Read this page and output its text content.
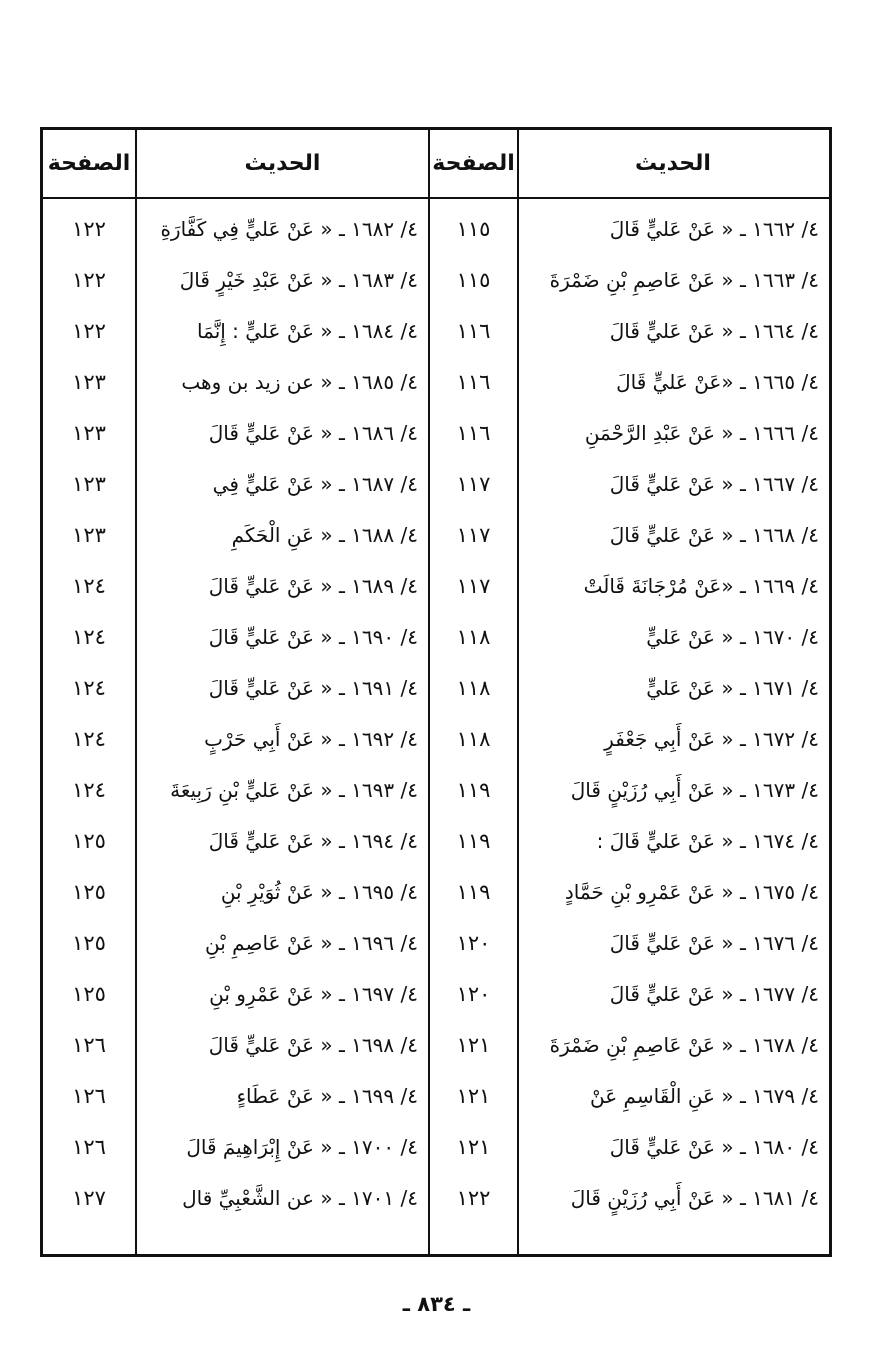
الحديث
الصفحة
الحديث
الصفحة
٤/ ١٦٦٢ ـ « عَنْ عَليٍّ قَالَ
١١٥
٤/ ١٦٦٣ ـ « عَنْ عَاصِمِ بْنِ ضَمْرَةَ
١١٥
٤/ ١٦٦٤ ـ « عَنْ عَليٍّ قَالَ
١١٦
٤/ ١٦٦٥ ـ «عَنْ عَليٍّ قَالَ
١١٦
٤/ ١٦٦٦ ـ « عَنْ عَبْدِ الرَّحْمَنِ
١١٦
٤/ ١٦٦٧ ـ « عَنْ عَليٍّ قَالَ
١١٧
٤/ ١٦٦٨ ـ « عَنْ عَليٍّ قَالَ
١١٧
٤/ ١٦٦٩ ـ «عَنْ مُرْجَانَةَ قَالَتْ
١١٧
٤/ ١٦٧٠ ـ « عَنْ عَليٍّ
١١٨
٤/ ١٦٧١ ـ « عَنْ عَليٍّ
١١٨
٤/ ١٦٧٢ ـ « عَنْ أَبِي جَعْفَرٍ
١١٨
٤/ ١٦٧٣ ـ « عَنْ أَبِي رُزَيْنٍ قَالَ
١١٩
٤/ ١٦٧٤ ـ « عَنْ عَليٍّ قَالَ :
١١٩
٤/ ١٦٧٥ ـ « عَنْ عَمْرِو بْنِ حَمَّادٍ
١١٩
٤/ ١٦٧٦ ـ « عَنْ عَليٍّ قَالَ
١٢٠
٤/ ١٦٧٧ ـ « عَنْ عَليٍّ قَالَ
١٢٠
٤/ ١٦٧٨ ـ « عَنْ عَاصِمِ بْنِ ضَمْرَةَ
١٢١
٤/ ١٦٧٩ ـ « عَنِ الْقَاسِمِ عَنْ
١٢١
٤/ ١٦٨٠ ـ « عَنْ عَليٍّ قَالَ
١٢١
٤/ ١٦٨١ ـ « عَنْ أَبِي رُزَيْنٍ قَالَ
١٢٢
٤/ ١٦٨٢ ـ « عَنْ عَليٍّ فِي كَفَّارَةِ
١٢٢
٤/ ١٦٨٣ ـ « عَنْ عَبْدِ خَيْرٍ قَالَ
١٢٢
٤/ ١٦٨٤ ـ « عَنْ عَليٍّ : إِنَّمَا
١٢٢
٤/ ١٦٨٥ ـ « عن زيد بن وهب
١٢٣
٤/ ١٦٨٦ ـ « عَنْ عَليٍّ قَالَ
١٢٣
٤/ ١٦٨٧ ـ « عَنْ عَليٍّ فِي
١٢٣
٤/ ١٦٨٨ ـ « عَنِ الْحَكَمِ
١٢٣
٤/ ١٦٨٩ ـ « عَنْ عَليٍّ قَالَ
١٢٤
٤/ ١٦٩٠ ـ « عَنْ عَليٍّ قَالَ
١٢٤
٤/ ١٦٩١ ـ « عَنْ عَليٍّ قَالَ
١٢٤
٤/ ١٦٩٢ ـ « عَنْ أَبِي حَرْبٍ
١٢٤
٤/ ١٦٩٣ ـ « عَنْ عَليٍّ بْنِ رَبِيعَةَ
١٢٤
٤/ ١٦٩٤ ـ « عَنْ عَليٍّ قَالَ
١٢٥
٤/ ١٦٩٥ ـ « عَنْ ثُوَيْرِ بْنِ
١٢٥
٤/ ١٦٩٦ ـ « عَنْ عَاصِمِ بْنِ
١٢٥
٤/ ١٦٩٧ ـ « عَنْ عَمْرِو بْنِ
١٢٥
٤/ ١٦٩٨ ـ « عَنْ عَليٍّ قَالَ
١٢٦
٤/ ١٦٩٩ ـ « عَنْ عَطَاءٍ
١٢٦
٤/ ١٧٠٠ ـ « عَنْ إِبْرَاهِيمَ قَالَ
١٢٦
٤/ ١٧٠١ ـ « عن الشَّعْبِيِّ قال
١٢٧
ـ ٨٣٤ ـ
